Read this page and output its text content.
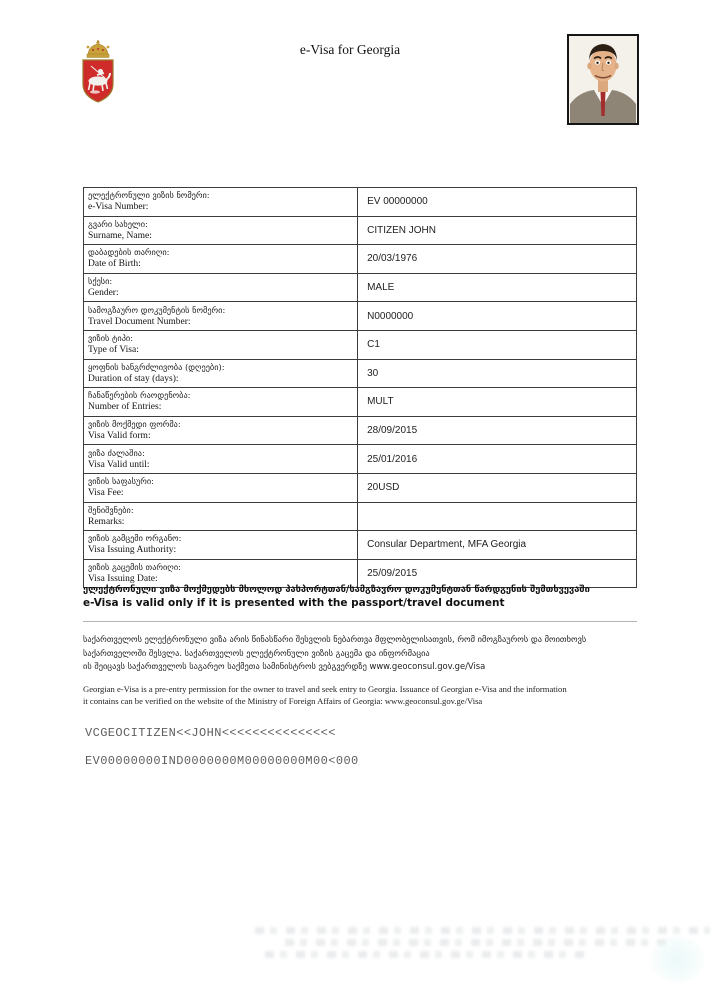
e-Visa for Georgia
ელექტრონული ვიზის ნომერი:
e-Visa Number:	EV 00000000

გვარი სახელი:
Surname, Name:	CITIZEN JOHN

დაბადების თარიღი:
Date of Birth:	20/03/1976

სქესი:
Gender:	MALE

სამოგზაურო დოკუმენტის ნომერი:
Travel Document Number:	N0000000

ვიზის ტიპი:
Type of Visa:	C1

ყოფნის ხანგრძლივობა (დღეები):
Duration of stay (days):	30

ჩანაწერების რაოდენობა:
Number of Entries:	MULT

ვიზის მოქმედი ფორმა:
Visa Valid form:	28/09/2015

ვიზა ძალაშია:
Visa Valid until:	25/01/2016

ვიზის საფასური:
Visa Fee:	20USD

შენიშვნები:
Remarks:	

ვიზის გამცემი ორგანო:
Visa Issuing Authority:	Consular Department, MFA Georgia

ვიზის გაცემის თარიღი:
Visa Issuing Date:	25/09/2015
ელექტრონული ვიზა მოქმედებს მხოლოდ პასპორტთან/სამგზავრო დოკუმენტთან წარდგენის შემთხვევაში
e-Visa is valid only if it is presented with the passport/travel document
საქართველოს ელექტრონული ვიზა არის წინასწარი შესვლის ნებართვა მფლობელისათვის, რომ იმოგზაუროს და მოითხოვს
საქართველოში შესვლა. საქართველოს ელექტრონული ვიზის გაცემა და ინფორმაცია
ის შეიცავს საქართველოს საგარეო საქმეთა სამინისტროს ვებგვერდზე www.geoconsul.gov.ge/Visa
Georgian e-Visa is a pre-entry permission for the owner to travel and seek entry to Georgia. Issuance of Georgian e-Visa and the information
it contains can be verified on the website of the Ministry of Foreign Affairs of Georgia: www.geoconsul.gov.ge/Visa
VCGEOCITIZEN<<JOHN<<<<<<<<<<<<<<<
EV00000000IND0000000M00000000M00<000
